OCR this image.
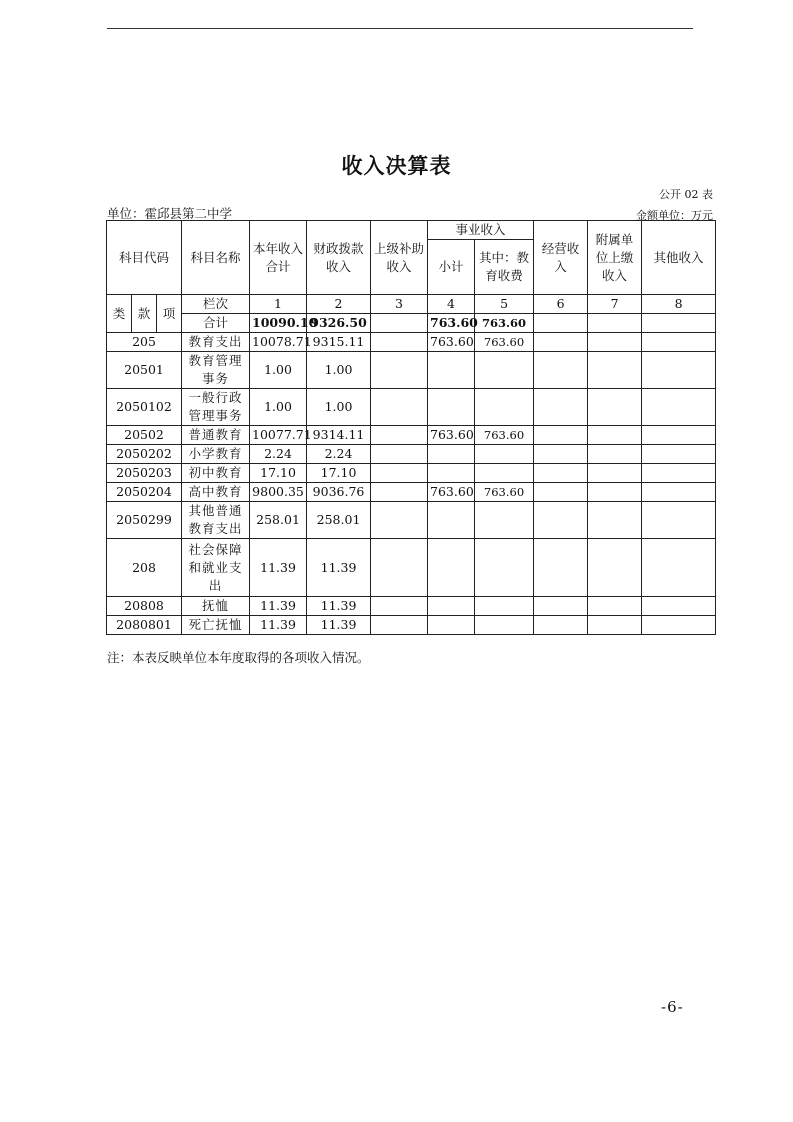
收入决算表
公开 02 表
单位：霍邱县第二中学	金额单位：万元
科目代码			科目名称	本年收入合计	财政拨款收入	上级补助收入	事业收入		经营收入	附属单位上缴收入	其他收入
							小计	其中：教育收费			
类	款	项	栏次	1	2	3	4	5	6	7	8
			合计	10090.10	9326.50		763.60	763.60			
205			教育支出	10078.71	9315.11		763.60	763.60			
20501			教育管理事务	1.00	1.00						
2050102			一般行政管理事务	1.00	1.00						
20502			普通教育	10077.71	9314.11		763.60	763.60			
2050202			小学教育	2.24	2.24						
2050203			初中教育	17.10	17.10						
2050204			高中教育	9800.35	9036.76		763.60	763.60			
2050299			其他普通教育支出	258.01	258.01						
208			社会保障和就业支出	11.39	11.39						
20808			抚恤	11.39	11.39						
2080801			死亡抚恤	11.39	11.39						
注：本表反映单位本年度取得的各项收入情况。
-6-
